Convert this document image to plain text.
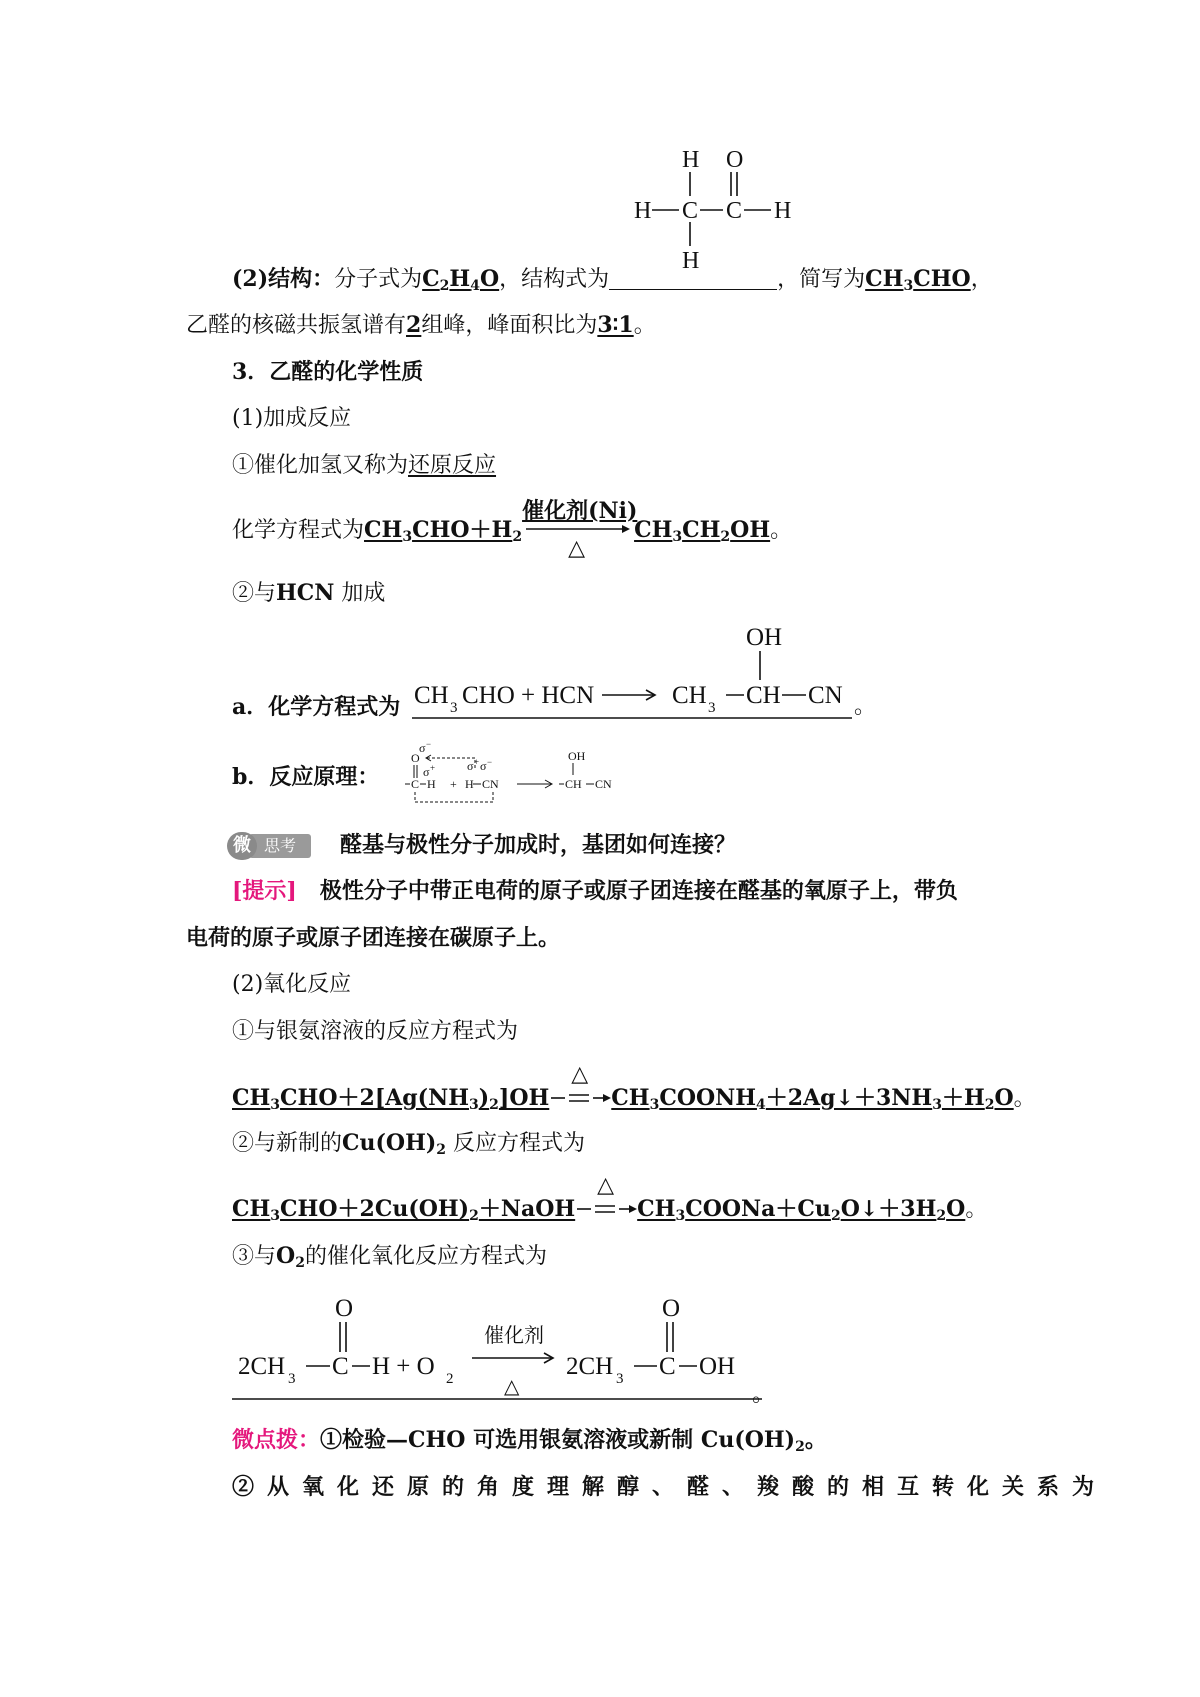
H O
H C C H
H
(2)结构：分子式为$C_2H_4O$，结构式为	，简写为$CH_3CHO$，
乙醛的核磁共振氢谱有2组峰，峰面积比为3∶1。
3．乙醛的化学性质
(1)加成反应
①催化加氢又称为还原反应
化学方程式为$CH_3CHO+H_2$
催化剂(Ni)
△
$CH_3CH_2OH$。
②与HCN 加成
a．化学方程式为
OH
CH 3 CHO + HCN	CH 3 CH CN 。
b．反应原理：
σ −
O
σ +
C H + H CN
σ + σ −	OH
CH CN
思考
微	醛基与极性分子加成时，基团如何连接？
[提示] 极性分子中带正电荷的原子或原子团连接在醛基的氧原子上，带负
电荷的原子或原子团连接在碳原子上。
(2)氧化反应
①与银氨溶液的反应方程式为
$CH_3CHO+2[Ag(NH_3)_2]OH$
△
$CH_3COONH_4+2Ag↓+3NH_3+H_2O$。
②与新制的$Cu(OH)_2$ 反应方程式为
$CH_3CHO+2Cu(OH)_2+NaOH$
△
$CH_3COONa+Cu_2O↓+3H_2O$。
③与$O_2$的催化氧化反应方程式为
O	O
2CH 3 C H + O 2	2CH 3 C OH
催化剂
△	。
微点拨：①检验—CHO 可选用银氨溶液或新制 $Cu(OH)_2$。
②从氧化还原的角度理解醇、醛、羧酸的相互转化关系为
